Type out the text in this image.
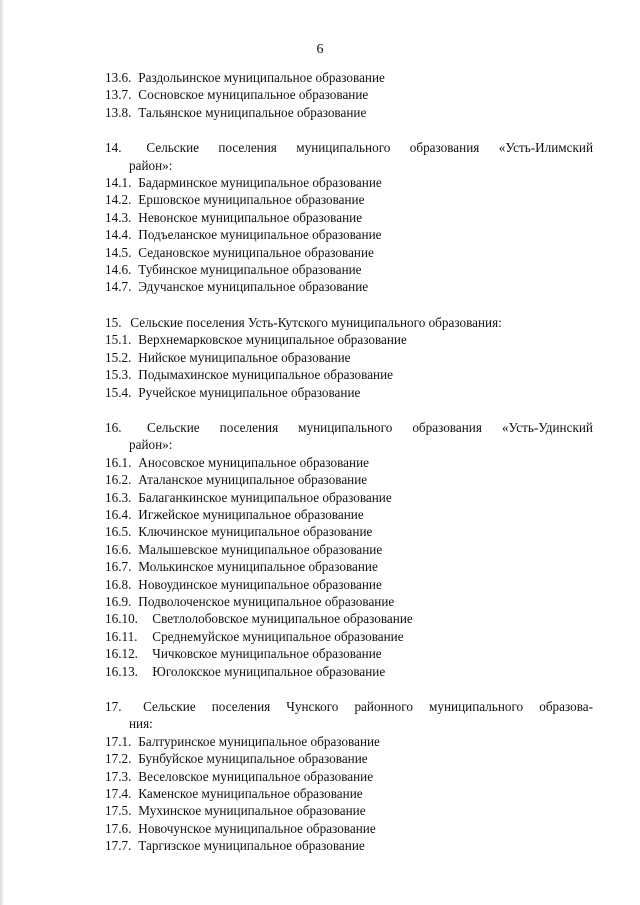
6
13.6. Раздольинское муниципальное образование
13.7. Сосновское муниципальное образование
13.8. Тальянское муниципальное образование
14. Сельские поселения муниципального образования «Усть-Илимский
район»:
14.1. Бадарминское муниципальное образование
14.2. Ершовское муниципальное образование
14.3. Невонское муниципальное образование
14.4. Подъеланское муниципальное образование
14.5. Седановское муниципальное образование
14.6. Тубинское муниципальное образование
14.7. Эдучанское муниципальное образование
15. Сельские поселения Усть-Кутского муниципального образования:
15.1. Верхнемарковское муниципальное образование
15.2. Нийское муниципальное образование
15.3. Подымахинское муниципальное образование
15.4. Ручейское муниципальное образование
16. Сельские поселения муниципального образования «Усть-Удинский
район»:
16.1. Аносовское муниципальное образование
16.2. Аталанское муниципальное образование
16.3. Балаганкинское муниципальное образование
16.4. Игжейское муниципальное образование
16.5. Ключинское муниципальное образование
16.6. Малышевское муниципальное образование
16.7. Молькинское муниципальное образование
16.8. Новоудинское муниципальное образование
16.9. Подволоченское муниципальное образование
16.10. Светлолобовское муниципальное образование
16.11. Среднемуйское муниципальное образование
16.12. Чичковское муниципальное образование
16.13. Юголокское муниципальное образование
17. Сельские поселения Чунского районного муниципального образова-
ния:
17.1. Балтуринское муниципальное образование
17.2. Бунбуйское муниципальное образование
17.3. Веселовское муниципальное образование
17.4. Каменское муниципальное образование
17.5. Мухинское муниципальное образование
17.6. Новочунское муниципальное образование
17.7. Таргизское муниципальное образование
